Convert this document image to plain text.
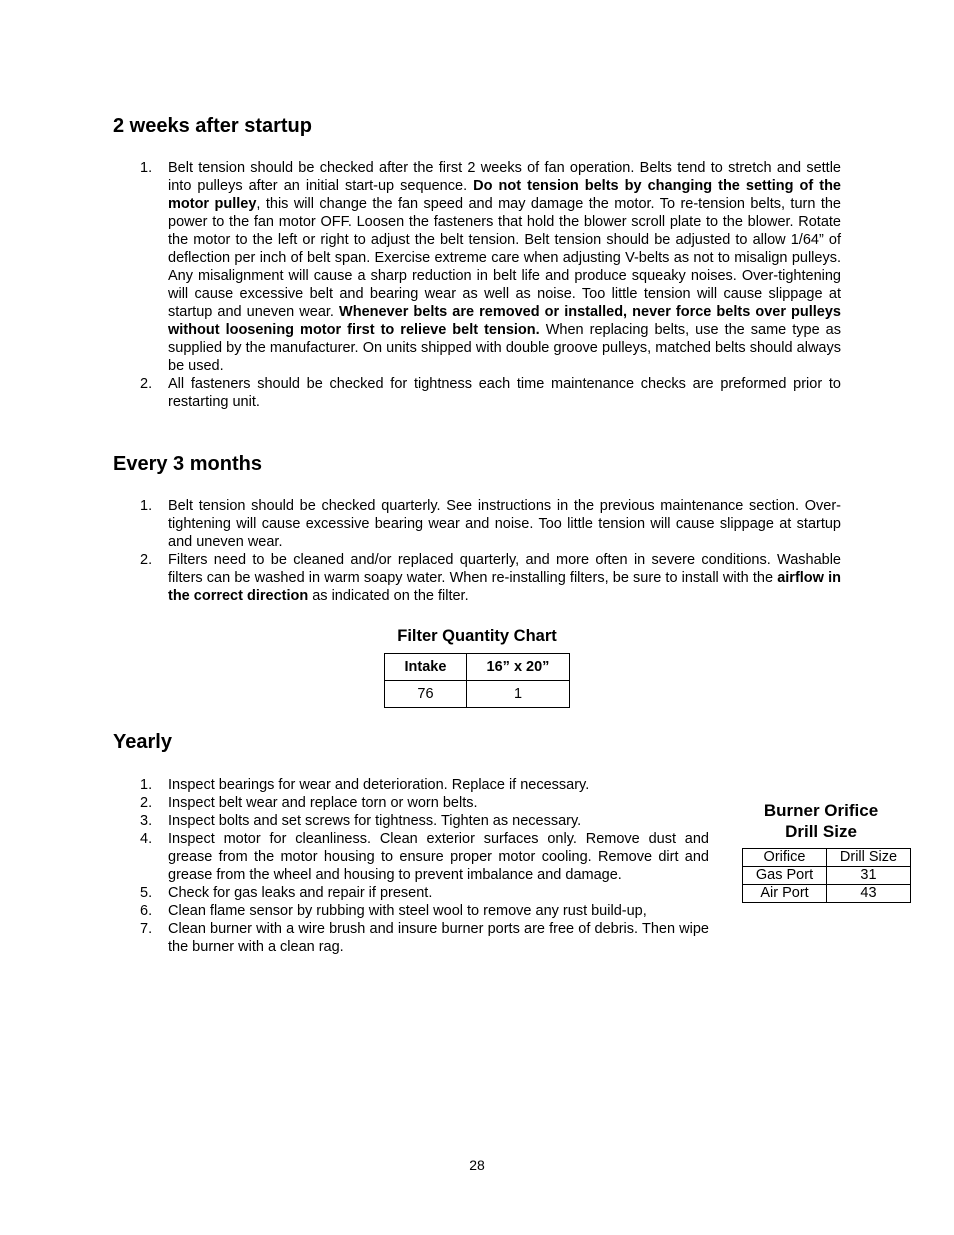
2 weeks after startup
1. Belt tension should be checked after the first 2 weeks of fan operation. Belts tend to stretch and settle into pulleys after an initial start-up sequence. Do not tension belts by changing the setting of the motor pulley, this will change the fan speed and may damage the motor. To re-tension belts, turn the power to the fan motor OFF. Loosen the fasteners that hold the blower scroll plate to the blower. Rotate the motor to the left or right to adjust the belt tension. Belt tension should be adjusted to allow 1/64” of deflection per inch of belt span. Exercise extreme care when adjusting V-belts as not to misalign pulleys. Any misalignment will cause a sharp reduction in belt life and produce squeaky noises. Over-tightening will cause excessive belt and bearing wear as well as noise. Too little tension will cause slippage at startup and uneven wear. Whenever belts are removed or installed, never force belts over pulleys without loosening motor first to relieve belt tension. When replacing belts, use the same type as supplied by the manufacturer. On units shipped with double groove pulleys, matched belts should always be used.
2. All fasteners should be checked for tightness each time maintenance checks are preformed prior to restarting unit.
Every 3 months
1. Belt tension should be checked quarterly. See instructions in the previous maintenance section. Over-tightening will cause excessive bearing wear and noise. Too little tension will cause slippage at startup and uneven wear.
2. Filters need to be cleaned and/or replaced quarterly, and more often in severe conditions. Washable filters can be washed in warm soapy water. When re-installing filters, be sure to install with the airflow in the correct direction as indicated on the filter.
Filter Quantity Chart
Intake	16” x 20”
76	1
Yearly
1. Inspect bearings for wear and deterioration. Replace if necessary.
2. Inspect belt wear and replace torn or worn belts.
3. Inspect bolts and set screws for tightness. Tighten as necessary.
4. Inspect motor for cleanliness. Clean exterior surfaces only. Remove dust and grease from the motor housing to ensure proper motor cooling. Remove dirt and grease from the wheel and housing to prevent imbalance and damage.
5. Check for gas leaks and repair if present.
6. Clean flame sensor by rubbing with steel wool to remove any rust build-up,
7. Clean burner with a wire brush and insure burner ports are free of debris. Then wipe the burner with a clean rag.
Burner Orifice
Drill Size
Orifice	Drill Size
Gas Port	31
Air Port	43
28
